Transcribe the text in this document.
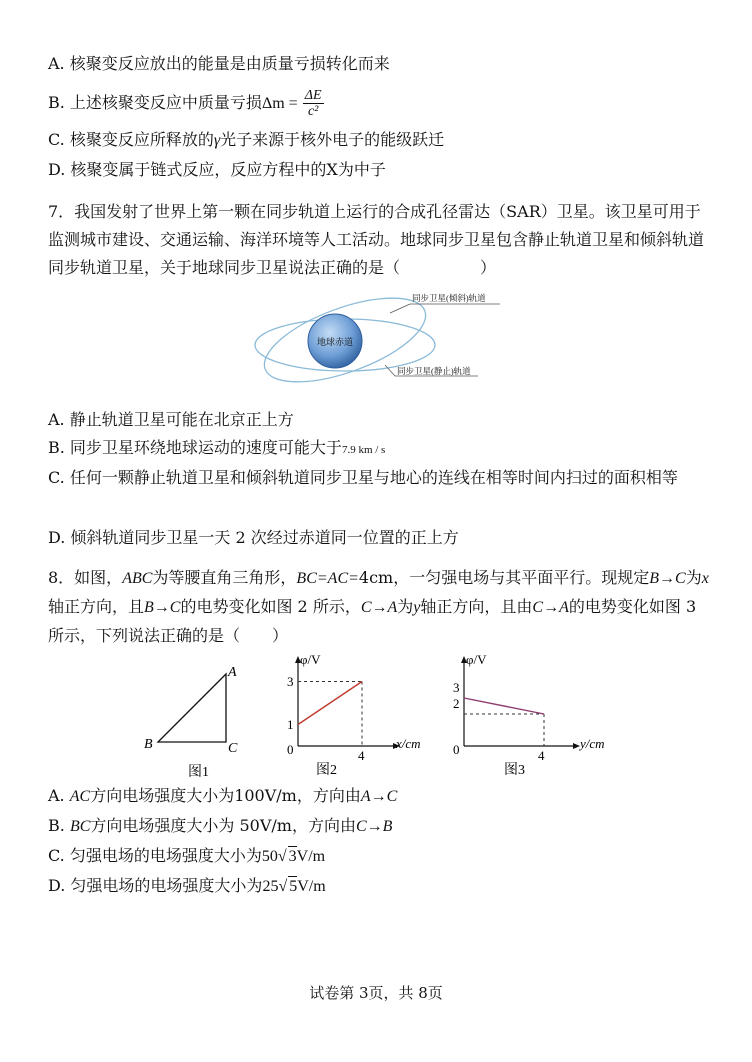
A. 核聚变反应放出的能量是由质量亏损转化而来
B. 上述核聚变反应中质量亏损$\Delta m = \frac{\Delta E}{\text{c²}}$
C. 核聚变反应所释放的γ光子来源于核外电子的能级跃迁
D. 核聚变属于链式反应，反应方程中的X为中子
7．我国发射了世界上第一颗在同步轨道上运行的合成孔径雷达（SAR）卫星。该卫星可用于监测城市建设、交通运输、海洋环境等人工活动。地球同步卫星包含静止轨道卫星和倾斜轨道同步轨道卫星，关于地球同步卫星说法正确的是（　　　　　）
地球赤道
同步卫星(倾斜)轨道
同步卫星(静止)轨道
A. 静止轨道卫星可能在北京正上方
B. 同步卫星环绕地球运动的速度可能大于7.9 km / s
C. 任何一颗静止轨道卫星和倾斜轨道同步卫星与地心的连线在相等时间内扫过的面积相等
D. 倾斜轨道同步卫星一天 2 次经过赤道同一位置的正上方
8．如图，ABC为等腰直角三角形，BC=AC=4cm，一匀强电场与其平面平行。现规定B→C为x轴正方向，且B→C的电势变化如图 2 所示，C→A为y轴正方向，且由C→A的电势变化如图 3 所示，下列说法正确的是（　　）
A
B	C
图1
φ/V
x/cm
0
1
3
4
图2
φ/V
y/cm
0
3
2
4
图3
A. AC方向电场强度大小为100V/m，方向由A→C
B. BC方向电场强度大小为 50V/m，方向由C→B
C. 匀强电场的电场强度大小为50√ 3V/m
D. 匀强电场的电场强度大小为25√ 5V/m
试卷第 3页，共 8页
